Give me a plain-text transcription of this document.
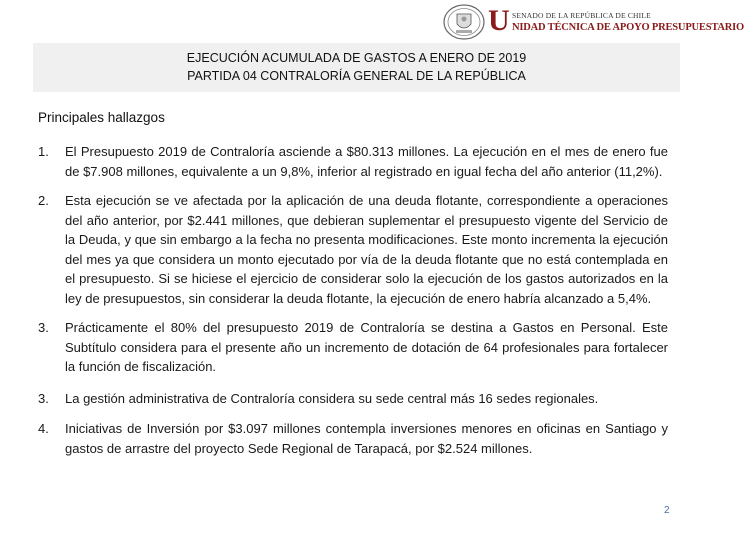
U SENADO DE LA REPÚBLICA DE CHILE
NIDAD TÉCNICA DE APOYO PRESUPUESTARIO
EJECUCIÓN ACUMULADA DE GASTOS A ENERO DE 2019
PARTIDA 04 CONTRALORÍA GENERAL DE LA REPÚBLICA
Principales hallazgos
1. El Presupuesto 2019 de Contraloría asciende a $80.313 millones. La ejecución en el mes de enero fue de $7.908 millones, equivalente a un 9,8%, inferior al registrado en igual fecha del año anterior (11,2%).
2. Esta ejecución se ve afectada por la aplicación de una deuda flotante, correspondiente a operaciones del año anterior, por $2.441 millones, que debieran suplementar el presupuesto vigente del Servicio de la Deuda, y que sin embargo a la fecha no presenta modificaciones. Este monto incrementa la ejecución del mes ya que considera un monto ejecutado por vía de la deuda flotante que no está contemplada en el presupuesto. Si se hiciese el ejercicio de considerar solo la ejecución de los gastos autorizados en la ley de presupuestos, sin considerar la deuda flotante, la ejecución de enero habría alcanzado a 5,4%.
3. Prácticamente el 80% del presupuesto 2019 de Contraloría se destina a Gastos en Personal. Este Subtítulo considera para el presente año un incremento de dotación de 64 profesionales para fortalecer la función de fiscalización.
3. La gestión administrativa de Contraloría considera su sede central más 16 sedes regionales.
4. Iniciativas de Inversión por $3.097 millones contempla inversiones menores en oficinas en Santiago y gastos de arrastre del proyecto Sede Regional de Tarapacá, por $2.524 millones.
2
